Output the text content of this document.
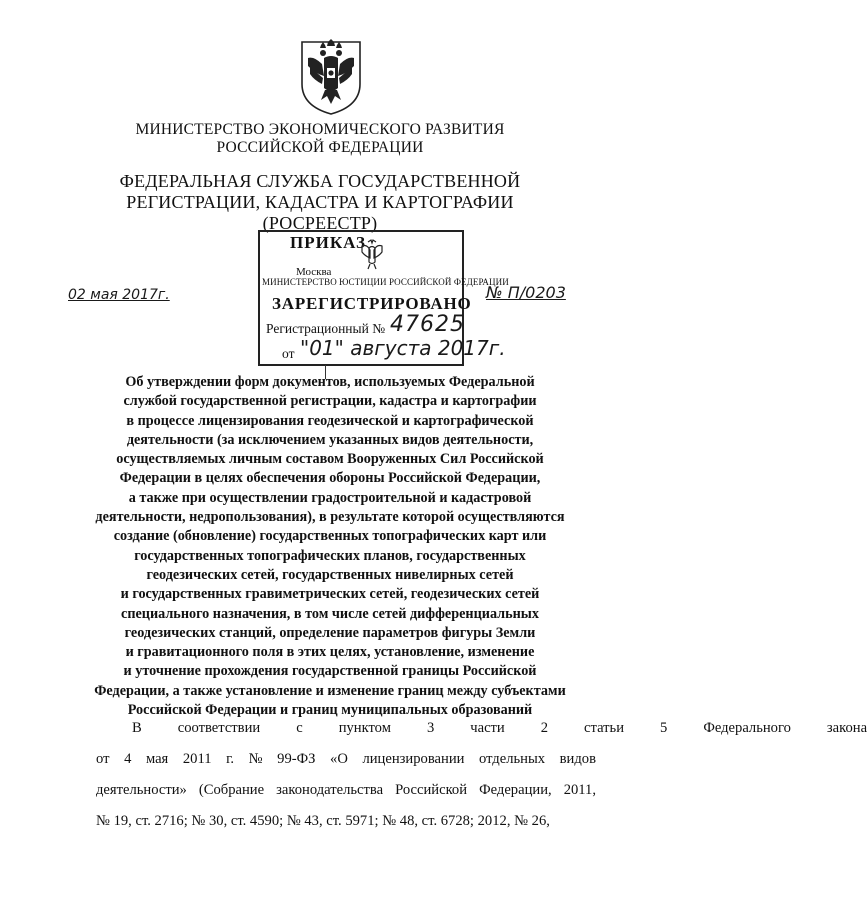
МИНИСТЕРСТВО ЭКОНОМИЧЕСКОГО РАЗВИТИЯ
РОССИЙСКОЙ ФЕДЕРАЦИИ
ФЕДЕРАЛЬНАЯ СЛУЖБА ГОСУДАРСТВЕННОЙ
РЕГИСТРАЦИИ, КАДАСТРА И КАРТОГРАФИИ
(РОСРЕЕСТР)
ПРИКАЗ
Москва
МИНИСТЕРСТВО ЮСТИЦИИ РОССИЙСКОЙ ФЕДЕРАЦИИ
ЗАРЕГИСТРИРОВАНО
Регистрационный № 47625
от "01" августа 2017г.
02 мая 2017г.	№ П/0203
Об утверждении форм документов, используемых Федеральной
службой государственной регистрации, кадастра и картографии
в процессе лицензирования геодезической и картографической
деятельности (за исключением указанных видов деятельности,
осуществляемых личным составом Вооруженных Сил Российской
Федерации в целях обеспечения обороны Российской Федерации,
а также при осуществлении градостроительной и кадастровой
деятельности, недропользования), в результате которой осуществляются
создание (обновление) государственных топографических карт или
государственных топографических планов, государственных
геодезических сетей, государственных нивелирных сетей
и государственных гравиметрических сетей, геодезических сетей
специального назначения, в том числе сетей дифференциальных
геодезических станций, определение параметров фигуры Земли
и гравитационного поля в этих целях, установление, изменение
и уточнение прохождения государственной границы Российской
Федерации, а также установление и изменение границ между субъектами
Российской Федерации и границ муниципальных образований
В	соответствии	с	пунктом	3	части	2	статьи	5	Федерального	закона
от 4 мая 2011 г. № 99-ФЗ «О лицензировании отдельных видов
деятельности» (Собрание законодательства Российской Федерации, 2011,
№ 19, ст. 2716; № 30, ст. 4590; № 43, ст. 5971; № 48, ст. 6728; 2012, № 26,
